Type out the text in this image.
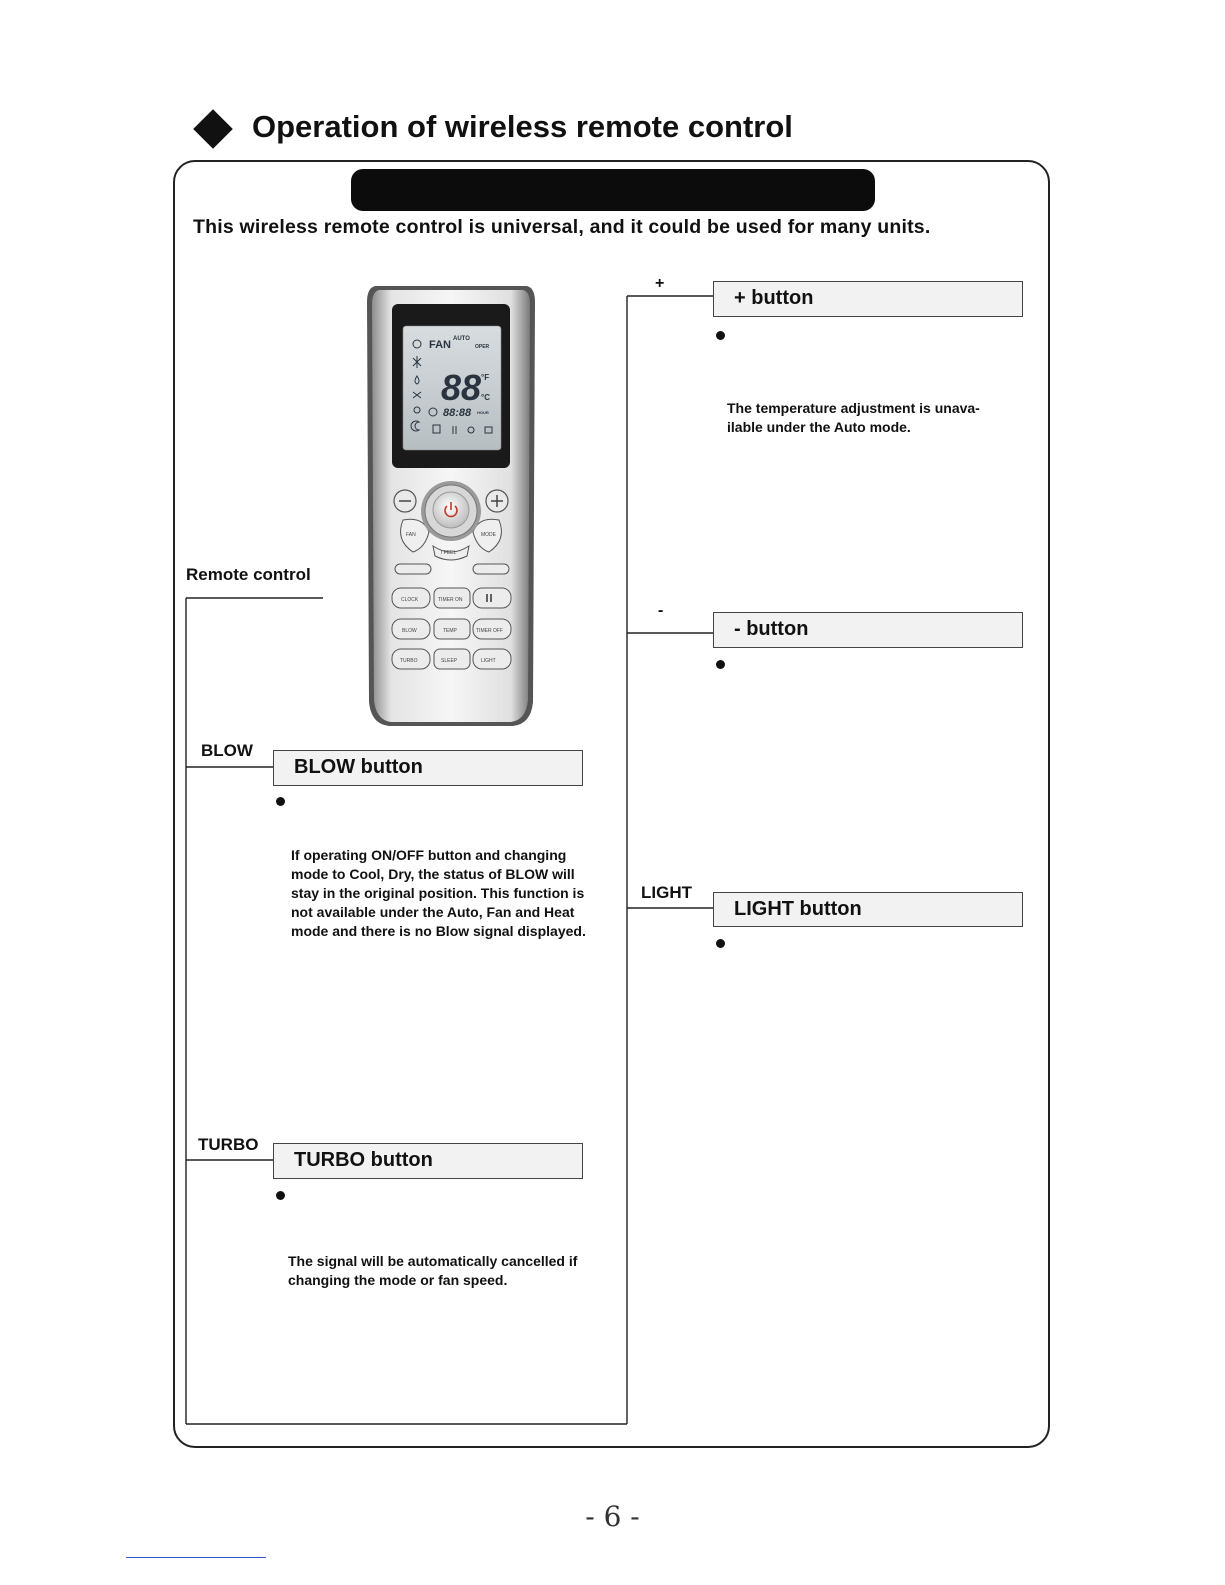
Operation of wireless remote control
This wireless remote control is universal, and it could be used for many units.
FAN AUTO
OPER
88 °F
°C
88:88 HOUR
FAN	MODE
I FEEL
CLOCK	TIMER ON
BLOW	TEMP	TIMER OFF
TURBO	SLEEP	LIGHT
Remote control
+
+ button
The temperature adjustment is unava- ilable under the Auto mode.
-
- button
LIGHT
LIGHT button
BLOW
BLOW button
If operating ON/OFF button and changing mode to Cool, Dry, the status of BLOW will stay in the original position. This function is not available under the Auto, Fan and Heat mode and there is no Blow signal displayed.
TURBO
TURBO button
The signal will be automatically cancelled if changing the mode or fan speed.
- 6 -
